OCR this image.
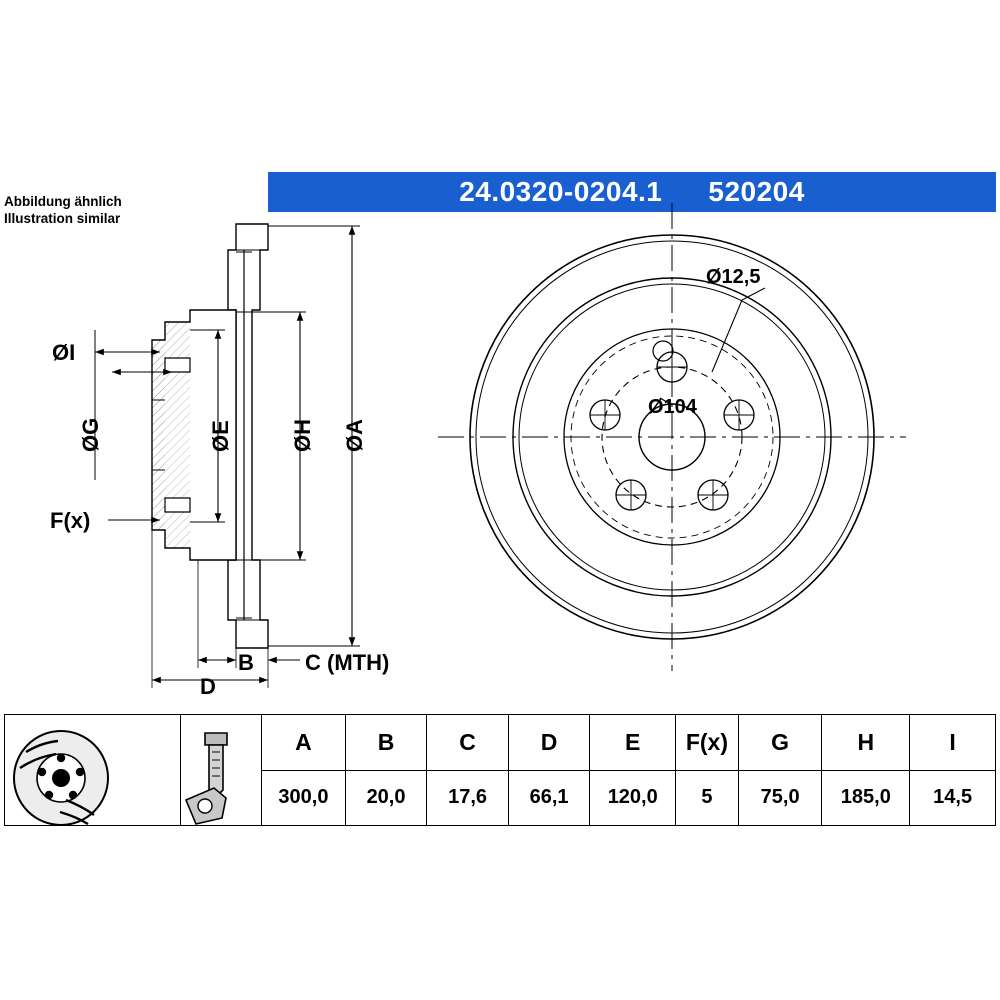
24.0320-0204.1 520204
Abbildung ähnlich
Illustration similar
ØI
ØG	ØE	ØH ØA
F(x)
B C (MTH)
D
Ø12,5
Ø104
		A	B	C	D	E	F(x)	G	H	I
		300,0	20,0	17,6	66,1	120,0	5	75,0	185,0	14,5
